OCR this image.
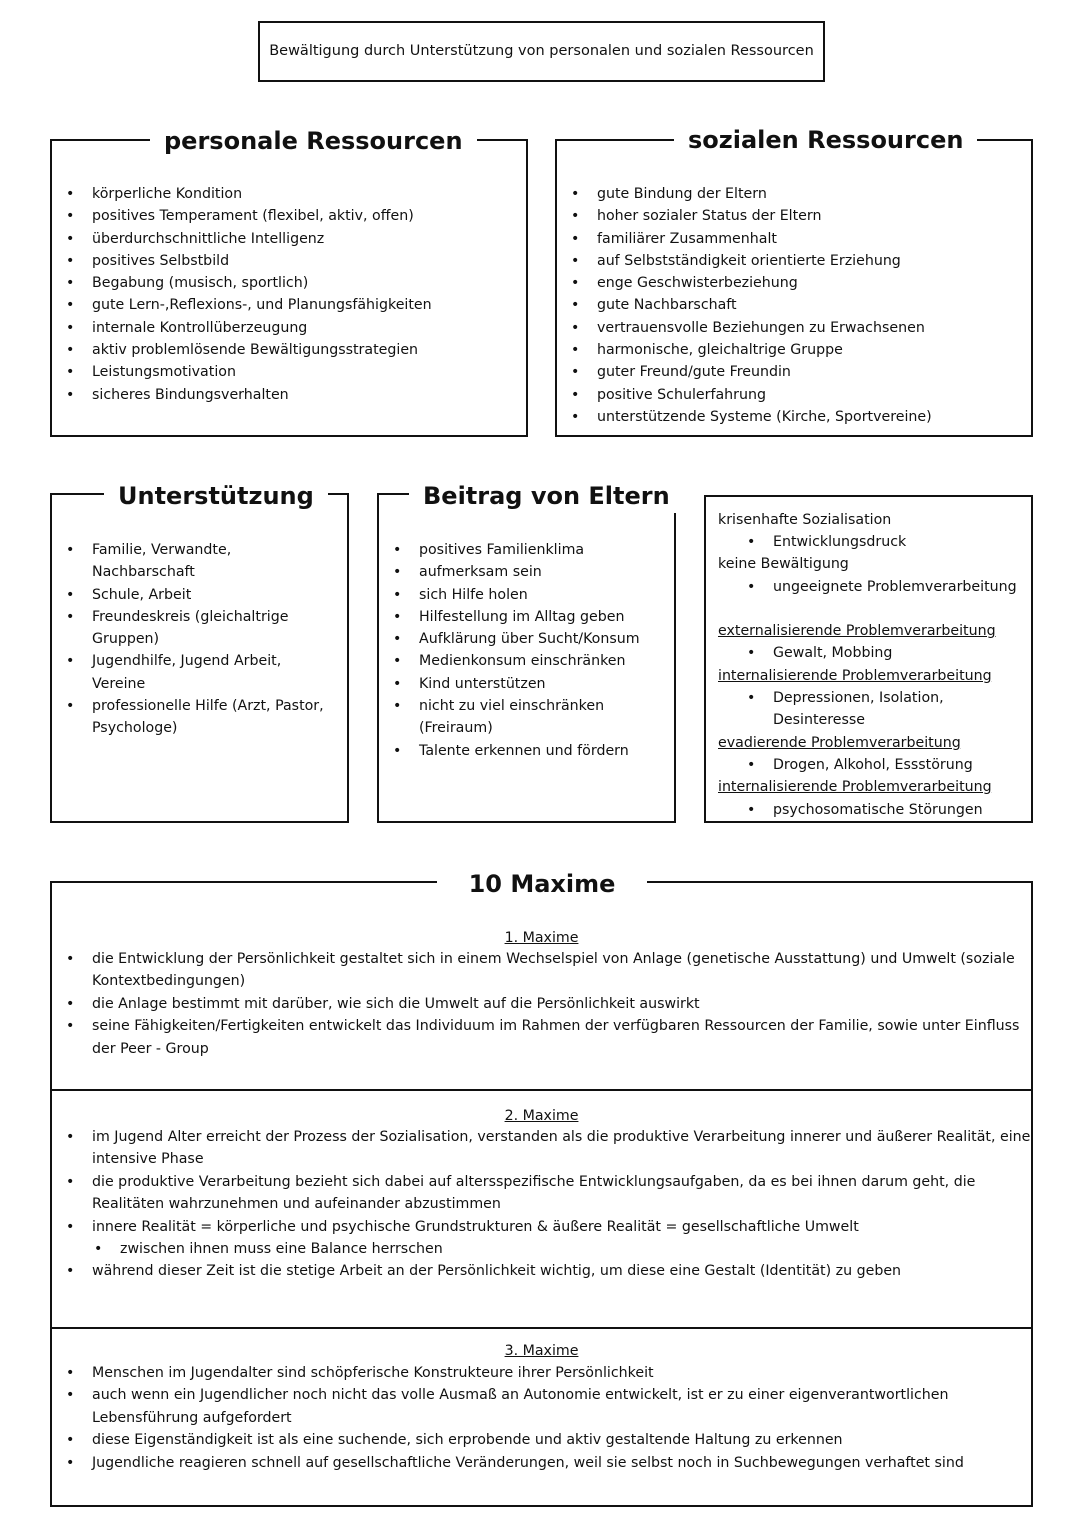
Bewältigung durch Unterstützung von personalen und sozialen Ressourcen
• körperliche Kondition
• positives Temperament (flexibel, aktiv, offen)
• überdurchschnittliche Intelligenz
• positives Selbstbild
• Begabung (musisch, sportlich)
• gute Lern-,Reflexions-, und Planungsfähigkeiten
• internale Kontrollüberzeugung
• aktiv problemlösende Bewältigungsstrategien
• Leistungsmotivation
• sicheres Bindungsverhalten
personale Ressourcen
• gute Bindung der Eltern
• hoher sozialer Status der Eltern
• familiärer Zusammenhalt
• auf Selbstständigkeit orientierte Erziehung
• enge Geschwisterbeziehung
• gute Nachbarschaft
• vertrauensvolle Beziehungen zu Erwachsenen
• harmonische, gleichaltrige Gruppe
• guter Freund/gute Freundin
• positive Schulerfahrung
• unterstützende Systeme (Kirche, Sportvereine)
sozialen Ressourcen
• Familie, Verwandte, Nachbarschaft
• Schule, Arbeit
• Freundeskreis (gleichaltrige Gruppen)
• Jugendhilfe, Jugend Arbeit, Vereine
• professionelle Hilfe (Arzt, Pastor, Psychologe)
Unterstützung
• positives Familienklima
• aufmerksam sein
• sich Hilfe holen
• Hilfestellung im Alltag geben
• Aufklärung über Sucht/Konsum
• Medienkonsum einschränken
• Kind unterstützen
• nicht zu viel einschränken (Freiraum)
• Talente erkennen und fördern
Beitrag von Eltern
krisenhafte Sozialisation
• Entwicklungsdruck
keine Bewältigung
• ungeeignete Problemverarbeitung
externalisierende Problemverarbeitung
• Gewalt, Mobbing
internalisierende Problemverarbeitung
• Depressionen, Isolation,
Desinteresse
evadierende Problemverarbeitung
• Drogen, Alkohol, Essstörung
internalisierende Problemverarbeitung
• psychosomatische Störungen
1. Maxime
• die Entwicklung der Persönlichkeit gestaltet sich in einem Wechselspiel von Anlage (genetische Ausstattung) und Umwelt (soziale Kontextbedingungen)
• die Anlage bestimmt mit darüber, wie sich die Umwelt auf die Persönlichkeit auswirkt
• seine Fähigkeiten/Fertigkeiten entwickelt das Individuum im Rahmen der verfügbaren Ressourcen der Familie, sowie unter Einfluss der Peer - Group
2. Maxime
• im Jugend Alter erreicht der Prozess der Sozialisation, verstanden als die produktive Verarbeitung innerer und äußerer Realität, eine intensive Phase
• die produktive Verarbeitung bezieht sich dabei auf altersspezifische Entwicklungsaufgaben, da es bei ihnen darum geht, die Realitäten wahrzunehmen und aufeinander abzustimmen
• innere Realität = körperliche und psychische Grundstrukturen & äußere Realität = gesellschaftliche Umwelt
• zwischen ihnen muss eine Balance herrschen
• während dieser Zeit ist die stetige Arbeit an der Persönlichkeit wichtig, um diese eine Gestalt (Identität) zu geben
3. Maxime
• Menschen im Jugendalter sind schöpferische Konstrukteure ihrer Persönlichkeit
• auch wenn ein Jugendlicher noch nicht das volle Ausmaß an Autonomie entwickelt, ist er zu einer eigenverantwortlichen Lebensführung aufgefordert
• diese Eigenständigkeit ist als eine suchende, sich erprobende und aktiv gestaltende Haltung zu erkennen
• Jugendliche reagieren schnell auf gesellschaftliche Veränderungen, weil sie selbst noch in Suchbewegungen verhaftet sind
10 Maxime
